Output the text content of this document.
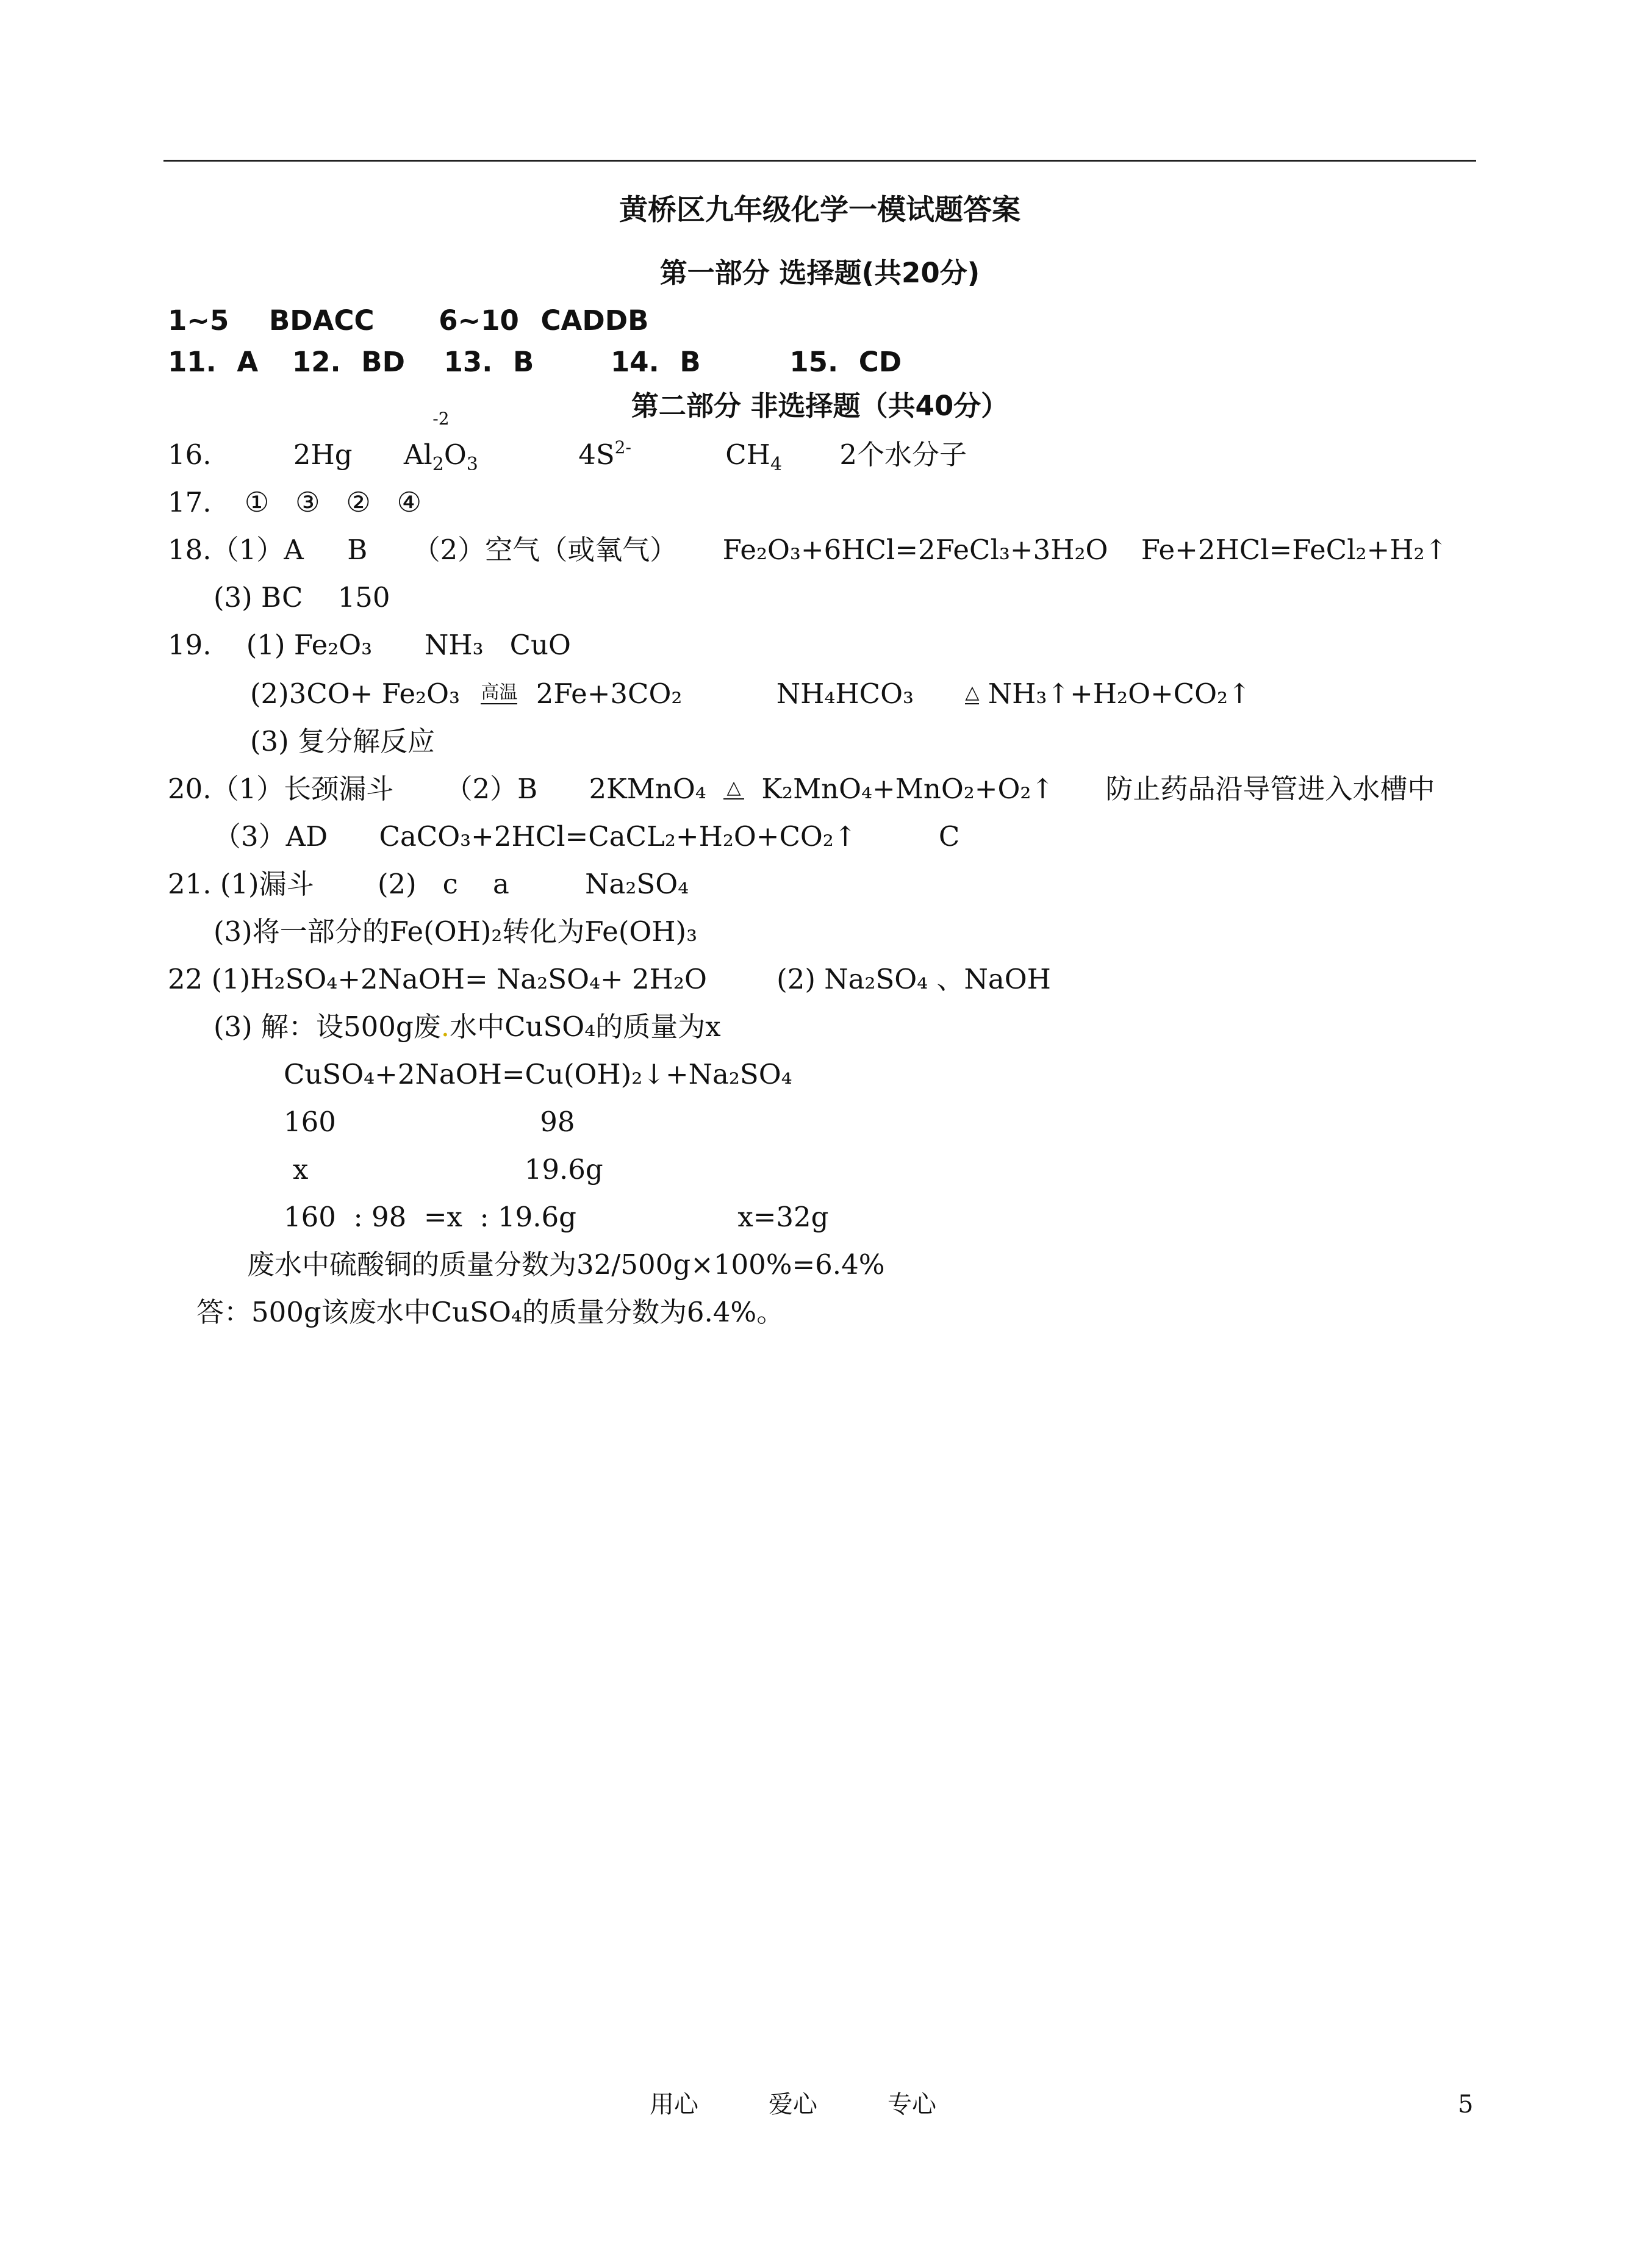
黄桥区九年级化学一模试题答案
第一部分 选择题(共20分)
1~5 BDACC 6~10 CADDB
11. A 12. BD 13. B	14. B	15. CD
第二部分 非选择题（共40分）
16.	2Hg
-2
$Al_2O_3$	$4S^{2-}$	$CH_4$ 2个水分子
17. ①   ③   ②   ④
18.（1）A     B （2）空气（或氧气） Fe₂O₃+6HCl=2FeCl₃+3H₂O Fe+2HCl=FeCl₂+H₂↑
(3) BC    150
19.    (1) Fe₂O₃      NH₃   CuO
(2)3CO+ Fe₂O₃ 高温 2Fe+3CO₂	NH₄HCO₃	△ NH₃↑+H₂O+CO₂↑
(3) 复分解反应
20.（1）长颈漏斗 （2）B 2KMnO₄ △ K₂MnO₄+MnO₂+O₂↑ 防止药品沿导管进入水槽中
（3）AD CaCO₃+2HCl=CaCL₂+H₂O+CO₂↑	C
21. (1)漏斗 (2)   c    a	Na₂SO₄
(3)将一部分的Fe(OH)₂转化为Fe(OH)₃
22 (1)H₂SO₄+2NaOH= Na₂SO₄+ 2H₂O	(2) Na₂SO₄ 、NaOH
(3) 解：设500g废.水中CuSO₄的质量为x
CuSO₄+2NaOH=Cu(OH)₂↓+Na₂SO₄
160	98
x	19.6g
160  : 98  =x  : 19.6g	x=32g
废水中硫酸铜的质量分数为32/500g×100%=6.4%
答：500g该废水中CuSO₄的质量分数为6.4%。
用心	爱心	专心	5
